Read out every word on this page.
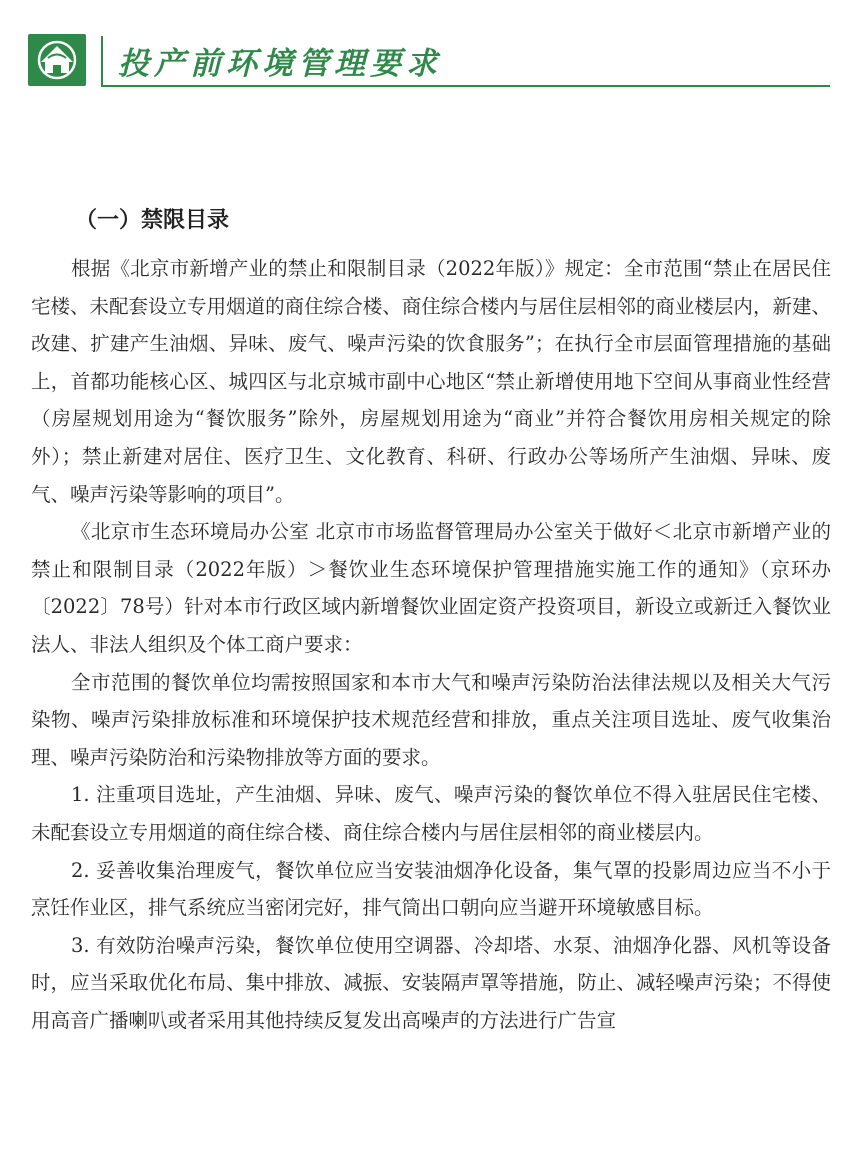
投产前环境管理要求
（一）禁限目录

根据《北京市新增产业的禁止和限制目录（2022年版）》规定：全市范围“禁止在居民住宅楼、未配套设立专用烟道的商住综合楼、商住综合楼内与居住层相邻的商业楼层内，新建、改建、扩建产生油烟、异味、废气、噪声污染的饮食服务”；在执行全市层面管理措施的基础上，首都功能核心区、城四区与北京城市副中心地区“禁止新增使用地下空间从事商业性经营（房屋规划用途为“餐饮服务”除外，房屋规划用途为“商业”并符合餐饮用房相关规定的除外）；禁止新建对居住、医疗卫生、文化教育、科研、行政办公等场所产生油烟、异味、废气、噪声污染等影响的项目”。

《北京市生态环境局办公室 北京市市场监督管理局办公室关于做好＜北京市新增产业的禁止和限制目录（2022年版）＞餐饮业生态环境保护管理措施实施工作的通知》（京环办〔2022〕78号）针对本市行政区域内新增餐饮业固定资产投资项目，新设立或新迁入餐饮业法人、非法人组织及个体工商户要求：

全市范围的餐饮单位均需按照国家和本市大气和噪声污染防治法律法规以及相关大气污染物、噪声污染排放标准和环境保护技术规范经营和排放，重点关注项目选址、废气收集治理、噪声污染防治和污染物排放等方面的要求。

1. 注重项目选址，产生油烟、异味、废气、噪声污染的餐饮单位不得入驻居民住宅楼、未配套设立专用烟道的商住综合楼、商住综合楼内与居住层相邻的商业楼层内。

2. 妥善收集治理废气，餐饮单位应当安装油烟净化设备，集气罩的投影周边应当不小于烹饪作业区，排气系统应当密闭完好，排气筒出口朝向应当避开环境敏感目标。

3. 有效防治噪声污染，餐饮单位使用空调器、冷却塔、水泵、油烟净化器、风机等设备时，应当采取优化布局、集中排放、减振、安装隔声罩等措施，防止、减轻噪声污染；不得使用高音广播喇叭或者采用其他持续反复发出高噪声的方法进行广告宣
